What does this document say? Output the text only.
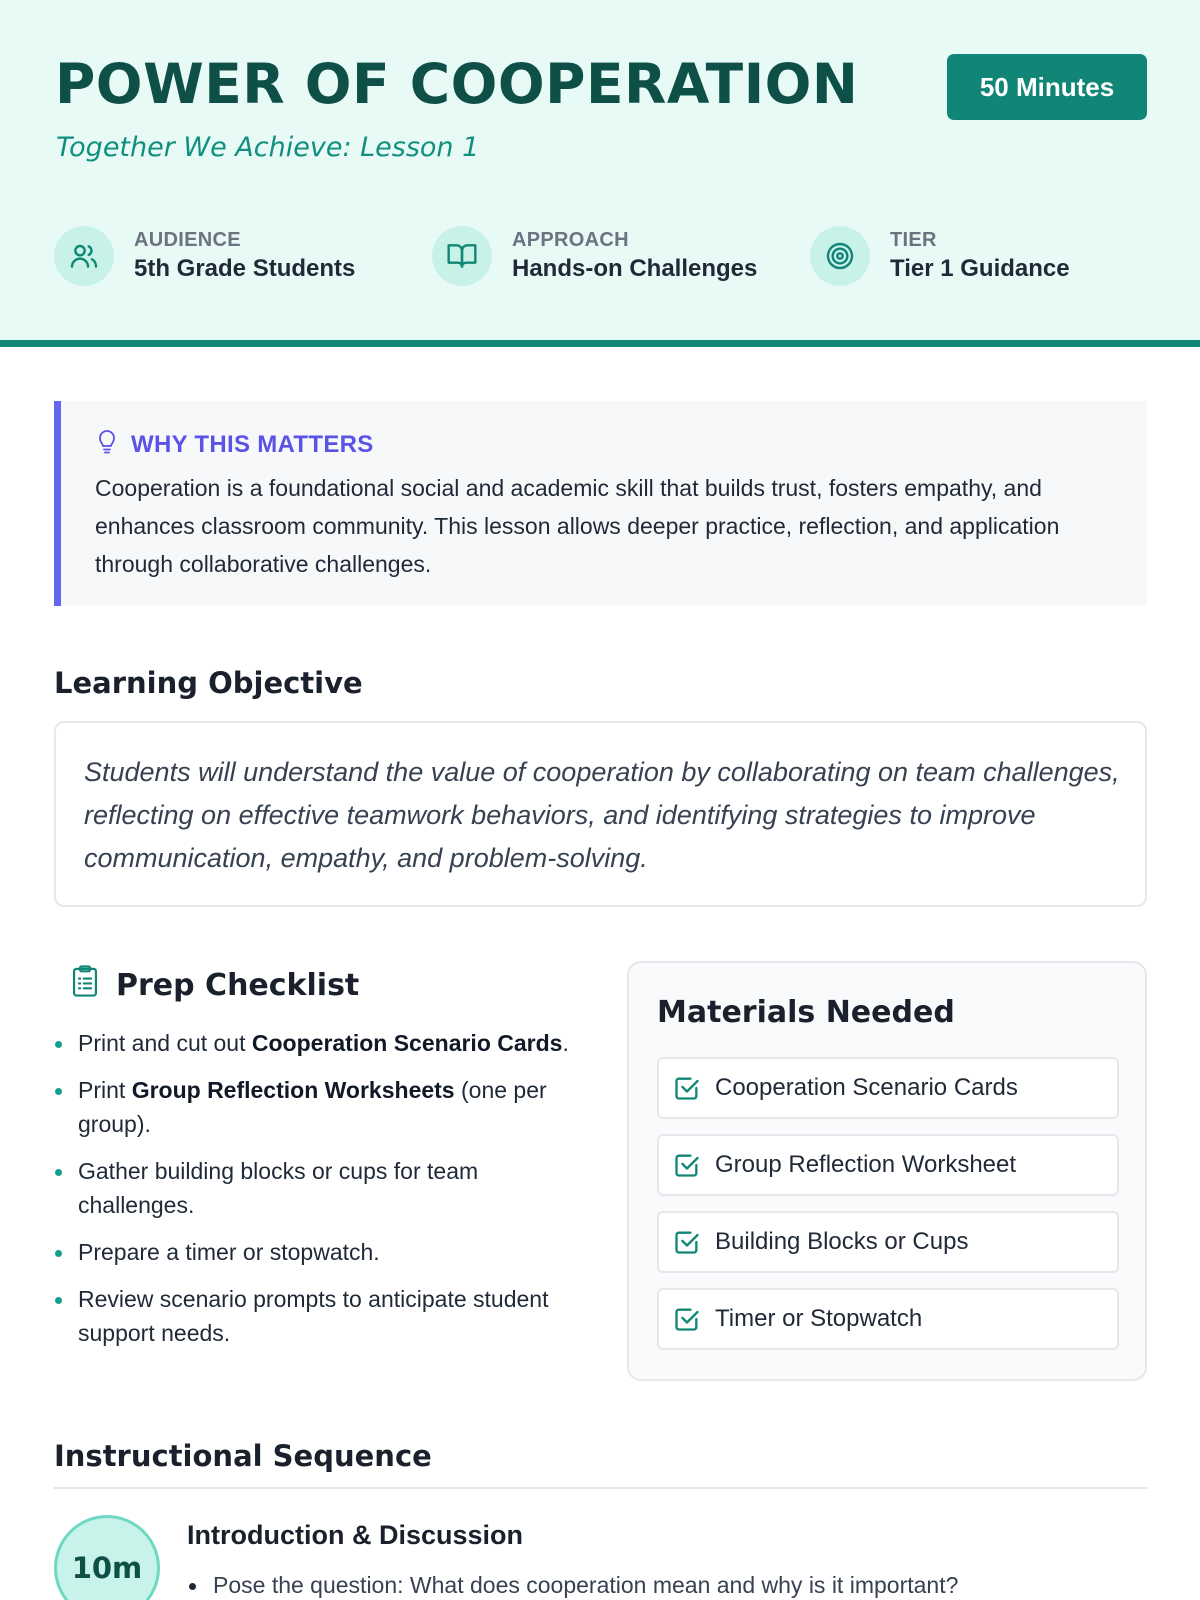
POWER OF COOPERATION
Together We Achieve: Lesson 1
50 Minutes
AUDIENCE
5th Grade Students
APPROACH
Hands-on Challenges
TIER
Tier 1 Guidance
WHY THIS MATTERS

Cooperation is a foundational social and academic skill that builds trust, fosters empathy, and enhances classroom community. This lesson allows deeper practice, reflection, and application through collaborative challenges.

Learning Objective

Students will understand the value of cooperation by collaborating on team challenges, reflecting on effective teamwork behaviors, and identifying strategies to improve communication, empathy, and problem-solving.

Prep Checklist
Print and cut out Cooperation Scenario Cards.
Print Group Reflection Worksheets (one per group).
Gather building blocks or cups for team challenges.
Prepare a timer or stopwatch.
Review scenario prompts to anticipate student support needs.
Materials Needed
Cooperation Scenario Cards
Group Reflection Worksheet
Building Blocks or Cups
Timer or Stopwatch
Instructional Sequence
10m
Introduction & Discussion
Pose the question: What does cooperation mean and why is it important?
